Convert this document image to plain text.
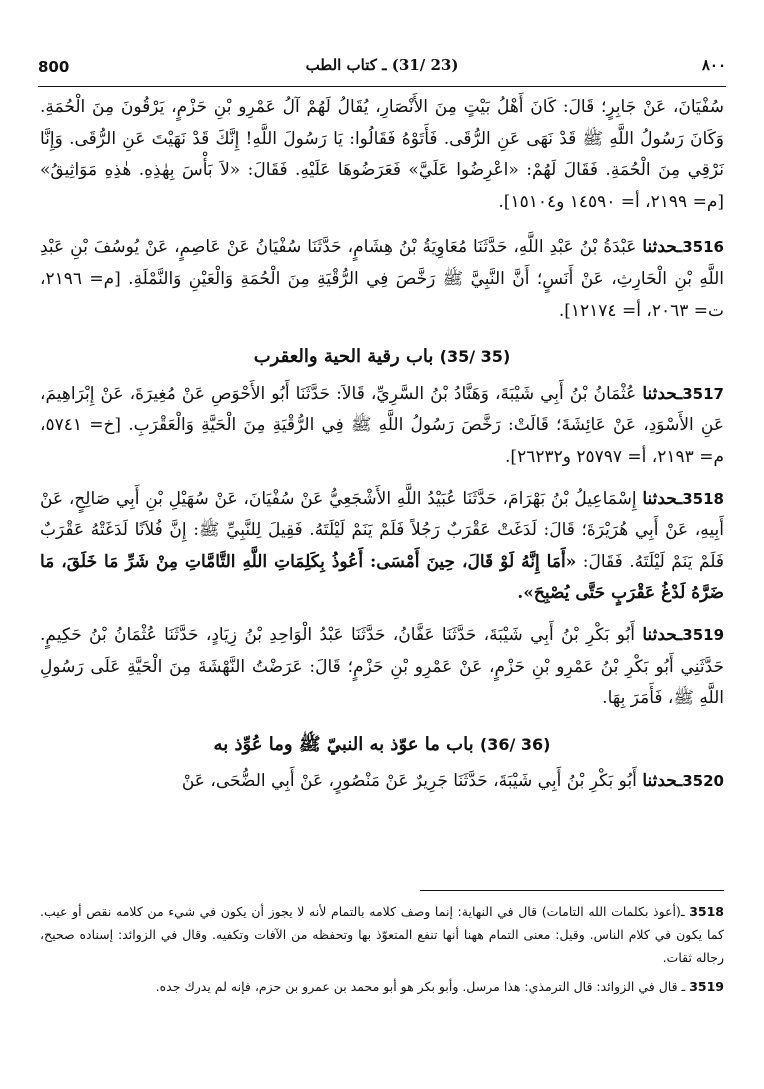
800	(23 /31) ـ كتاب الطب	٨٠٠

سُفْيَانَ، عَنْ جَابِرٍ؛ قَالَ: كَانَ أَهْلُ بَيْتٍ مِنَ الأَنْصَارِ، يُقَالُ لَهُمْ آلُ عَمْرِو بْنِ حَزْمٍ، يَرْقُونَ مِنَ الْحُمَةِ. وَكَانَ رَسُولُ اللَّهِ ﷺ قَدْ نَهَى عَنِ الرُّقَى. فَأَتَوْهُ فَقَالُوا: يَا رَسُولَ اللَّهِ! إِنَّكَ قَدْ نَهَيْتَ عَنِ الرُّقَى. وَإِنَّا نَرْقِي مِنَ الْحُمَةِ. فَقَالَ لَهُمْ: «اعْرِضُوا عَلَيَّ» فَعَرَضُوهَا عَلَيْهِ. فَقَالَ: «لاَ بَأْسَ بِهٰذِهِ. هٰذِهِ مَوَاثِيقُ» [م= ٢١٩٩، أ= ١٤٥٩٠ و١٥١٠٤].

3516ـحدثنا عَبْدَةُ بْنُ عَبْدِ اللَّهِ، حَدَّثَنَا مُعَاوِيَةُ بْنُ هِشَامٍ، حَدَّثَنَا سُفْيَانُ عَنْ عَاصِمٍ، عَنْ يُوسُفَ بْنِ عَبْدِ اللَّهِ بْنِ الْحَارِثِ، عَنْ أَنَسٍ؛ أَنَّ النَّبِيَّ ﷺ رَخَّصَ فِي الرُّقْيَةِ مِنَ الْحُمَةِ وَالْعَيْنِ وَالنَّمْلَةِ. [م= ٢١٩٦، ت= ٢٠٦٣، أ= ١٢١٧٤].

(35 /35) باب رقية الحية والعقرب

3517ـحدثنا عُثْمَانُ بْنُ أَبِي شَيْبَةَ، وَهَنَّادُ بْنُ السَّرِيِّ، قَالاَ: حَدَّثَنَا أَبُو الأَحْوَصِ عَنْ مُغِيرَةَ، عَنْ إِبْرَاهِيمَ، عَنِ الأَسْوَدِ، عَنْ عَائِشَةَ؛ قَالَتْ: رَخَّصَ رَسُولُ اللَّهِ ﷺ فِي الرُّقْيَةِ مِنَ الْحَيَّةِ وَالْعَقْرَبِ. [خ= ٥٧٤١، م= ٢١٩٣، أ= ٢٥٧٩٧ و٢٦٢٣٢].

3518ـحدثنا إِسْمَاعِيلُ بْنُ بَهْرَامَ، حَدَّثَنَا عُبَيْدُ اللَّهِ الأَشْجَعِيُّ عَنْ سُفْيَانَ، عَنْ سُهَيْلِ بْنِ أَبِي صَالِحٍ، عَنْ أَبِيهِ، عَنْ أَبِي هُرَيْرَةَ؛ قَالَ: لَدَغَتْ عَقْرَبٌ رَجُلاً فَلَمْ يَنَمْ لَيْلَتَهُ. فَقِيلَ لِلنَّبِيِّ ﷺ: إِنَّ فُلاَنًا لَدَغَتْهُ عَقْرَبٌ فَلَمْ يَنَمْ لَيْلَتَهُ. فَقَالَ: «أَمَا إِنَّهُ لَوْ قَالَ، حِينَ أَمْسَى: أَعُوذُ بِكَلِمَاتِ اللَّهِ التَّامَّاتِ مِنْ شَرِّ مَا خَلَقَ، مَا ضَرَّهُ لَدْغُ عَقْرَبٍ حَتَّى يُصْبِحَ».

3519ـحدثنا أَبُو بَكْرِ بْنُ أَبِي شَيْبَةَ، حَدَّثَنَا عَفَّانُ، حَدَّثَنَا عَبْدُ الْوَاحِدِ بْنُ زِيَادٍ، حَدَّثَنَا عُثْمَانُ بْنُ حَكِيمٍ. حَدَّثَنِي أَبُو بَكْرِ بْنُ عَمْرِو بْنِ حَزْمٍ، عَنْ عَمْرِو بْنِ حَزْمٍ؛ قَالَ: عَرَضْتُ النَّهْشَةَ مِنَ الْحَيَّةِ عَلَى رَسُولِ اللَّهِ ﷺ، فَأَمَرَ بِهَا.

(36 /36) باب ما عوّذ به النبيّ ﷺ وما عُوِّذ به

3520ـحدثنا أَبُو بَكْرِ بْنُ أَبِي شَيْبَةَ، حَدَّثَنَا جَرِيرٌ عَنْ مَنْصُورٍ، عَنْ أَبِي الضُّحَى، عَنْ

3518 ـ(أعوذ بكلمات الله التامات) قال في النهاية: إنما وصف كلامه بالتمام لأنه لا يجوز أن يكون في شيء من كلامه نقص أو عيب. كما يكون في كلام الناس. وقيل: معنى التمام ههنا أنها تنفع المتعوّذ بها وتحفظه من الآفات وتكفيه. وقال في الزوائد: إسناده صحيح، رجاله ثقات.

3519 ـ قال في الزوائد: قال الترمذي: هذا مرسل. وأبو بكر هو أبو محمد بن عمرو بن حزم، فإنه لم يدرك جده.
